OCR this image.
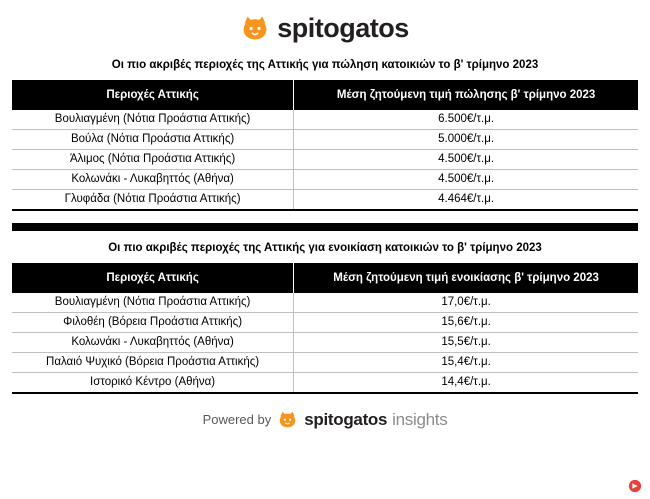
spitogatos
Οι πιο ακριβές περιοχές της Αττικής για πώληση κατοικιών το β' τρίμηνο 2023
Περιοχές Αττικής	Μέση ζητούμενη τιμή πώλησης β' τρίμηνο 2023
Βουλιαγμένη (Νότια Προάστια Αττικής)	6.500€/τ.μ.
Βούλα (Νότια Προάστια Αττικής)	5.000€/τ.μ.
Άλιμος (Νότια Προάστια Αττικής)	4.500€/τ.μ.
Κολωνάκι - Λυκαβηττός (Αθήνα)	4.500€/τ.μ.
Γλυφάδα (Νότια Προάστια Αττικής)	4.464€/τ.μ.
Οι πιο ακριβές περιοχές της Αττικής για ενοικίαση κατοικιών το β' τρίμηνο 2023
Περιοχές Αττικής	Μέση ζητούμενη τιμή ενοικίασης β' τρίμηνο 2023
Βουλιαγμένη (Νότια Προάστια Αττικής)	17,0€/τ.μ.
Φιλοθέη (Βόρεια Προάστια Αττικής)	15,6€/τ.μ.
Κολωνάκι - Λυκαβηττός (Αθήνα)	15,5€/τ.μ.
Παλαιό Ψυχικό (Βόρεια Προάστια Αττικής)	15,4€/τ.μ.
Ιστορικό Κέντρο (Αθήνα)	14,4€/τ.μ.
Powered by spitogatos insights
